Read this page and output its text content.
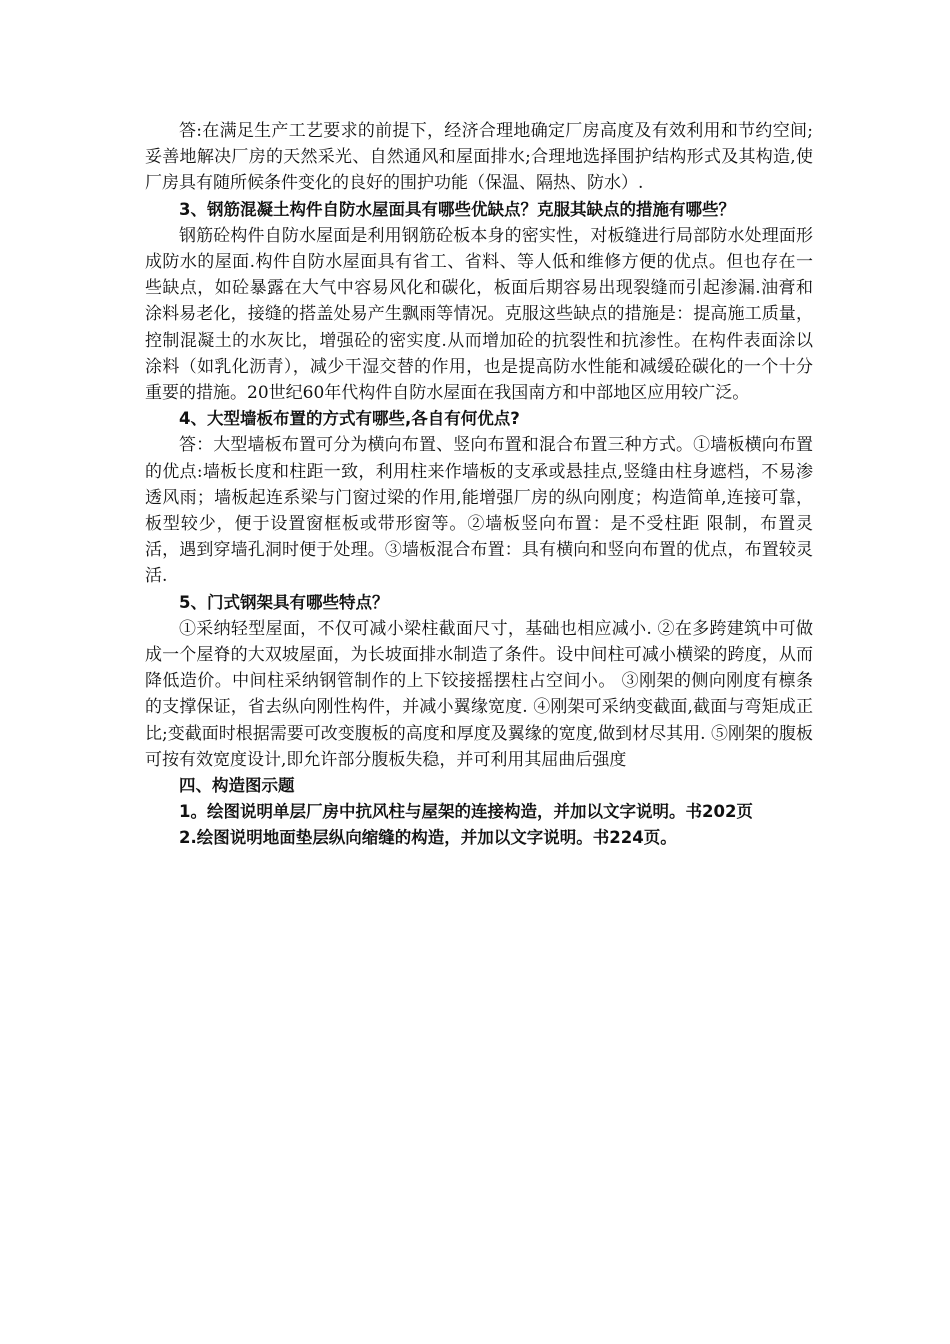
答:在满足生产工艺要求的前提下，经济合理地确定厂房高度及有效利用和节约空间;妥善地解决厂房的天然采光、自然通风和屋面排水;合理地选择围护结构形式及其构造,使厂房具有随所候条件变化的良好的围护功能（保温、隔热、防水）.

3、钢筋混凝土构件自防水屋面具有哪些优缺点？克服其缺点的措施有哪些？

钢筋砼构件自防水屋面是利用钢筋砼板本身的密实性，对板缝进行局部防水处理面形成防水的屋面.构件自防水屋面具有省工、省料、等人低和维修方便的优点。但也存在一些缺点，如砼暴露在大气中容易风化和碳化，板面后期容易出现裂缝而引起渗漏.油膏和涂料易老化，接缝的搭盖处易产生飘雨等情况。克服这些缺点的措施是：提高施工质量，控制混凝土的水灰比，增强砼的密实度.从而增加砼的抗裂性和抗渗性。在构件表面涂以涂料（如乳化沥青），减少干湿交替的作用，也是提高防水性能和减缓砼碳化的一个十分重要的措施。20世纪60年代构件自防水屋面在我国南方和中部地区应用较广泛。

4、大型墙板布置的方式有哪些,各自有何优点?

答：大型墙板布置可分为横向布置、竖向布置和混合布置三种方式。①墙板横向布置的优点:墙板长度和柱距一致，利用柱来作墙板的支承或悬挂点,竖缝由柱身遮档，不易渗透风雨；墙板起连系梁与门窗过梁的作用,能增强厂房的纵向刚度；构造简单,连接可靠，板型较少，便于设置窗框板或带形窗等。②墙板竖向布置：是不受柱距 限制，布置灵活，遇到穿墙孔洞时便于处理。③墙板混合布置：具有横向和竖向布置的优点，布置较灵活.

5、门式钢架具有哪些特点？

①采纳轻型屋面，不仅可减小梁柱截面尺寸，基础也相应减小. ②在多跨建筑中可做成一个屋脊的大双坡屋面，为长坡面排水制造了条件。设中间柱可减小横梁的跨度，从而降低造价。中间柱采纳钢管制作的上下铰接摇摆柱占空间小。 ③刚架的侧向刚度有檩条的支撑保证，省去纵向刚性构件，并减小翼缘宽度. ④刚架可采纳变截面,截面与弯矩成正比;变截面时根据需要可改变腹板的高度和厚度及翼缘的宽度,做到材尽其用. ⑤刚架的腹板可按有效宽度设计,即允许部分腹板失稳，并可利用其屈曲后强度

四、构造图示题

1。绘图说明单层厂房中抗风柱与屋架的连接构造，并加以文字说明。书202页

2.绘图说明地面垫层纵向缩缝的构造，并加以文字说明。书224页。
